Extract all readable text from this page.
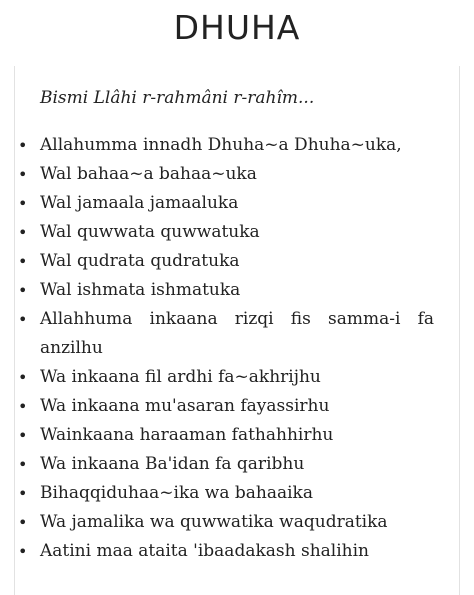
DHUHA
Bismi Llâhi r-rahmâni r-rahîm...
• Allahumma innadh Dhuha~a Dhuha~uka,
• Wal bahaa~a bahaa~uka
• Wal jamaala jamaaluka
• Wal quwwata quwwatuka
• Wal qudrata qudratuka
• Wal ishmata ishmatuka
• Allahhuma inkaana rizqi fis samma-i fa anzilhu
• Wa inkaana fil ardhi fa~akhrijhu
• Wa inkaana mu'asaran fayassirhu
• Wainkaana haraaman fathahhirhu
• Wa inkaana Ba'idan fa qaribhu
• Bihaqqiduhaa~ika wa bahaaika
• Wa jamalika wa quwwatika waqudratika
• Aatini maa ataita 'ibaadakash shalihin
